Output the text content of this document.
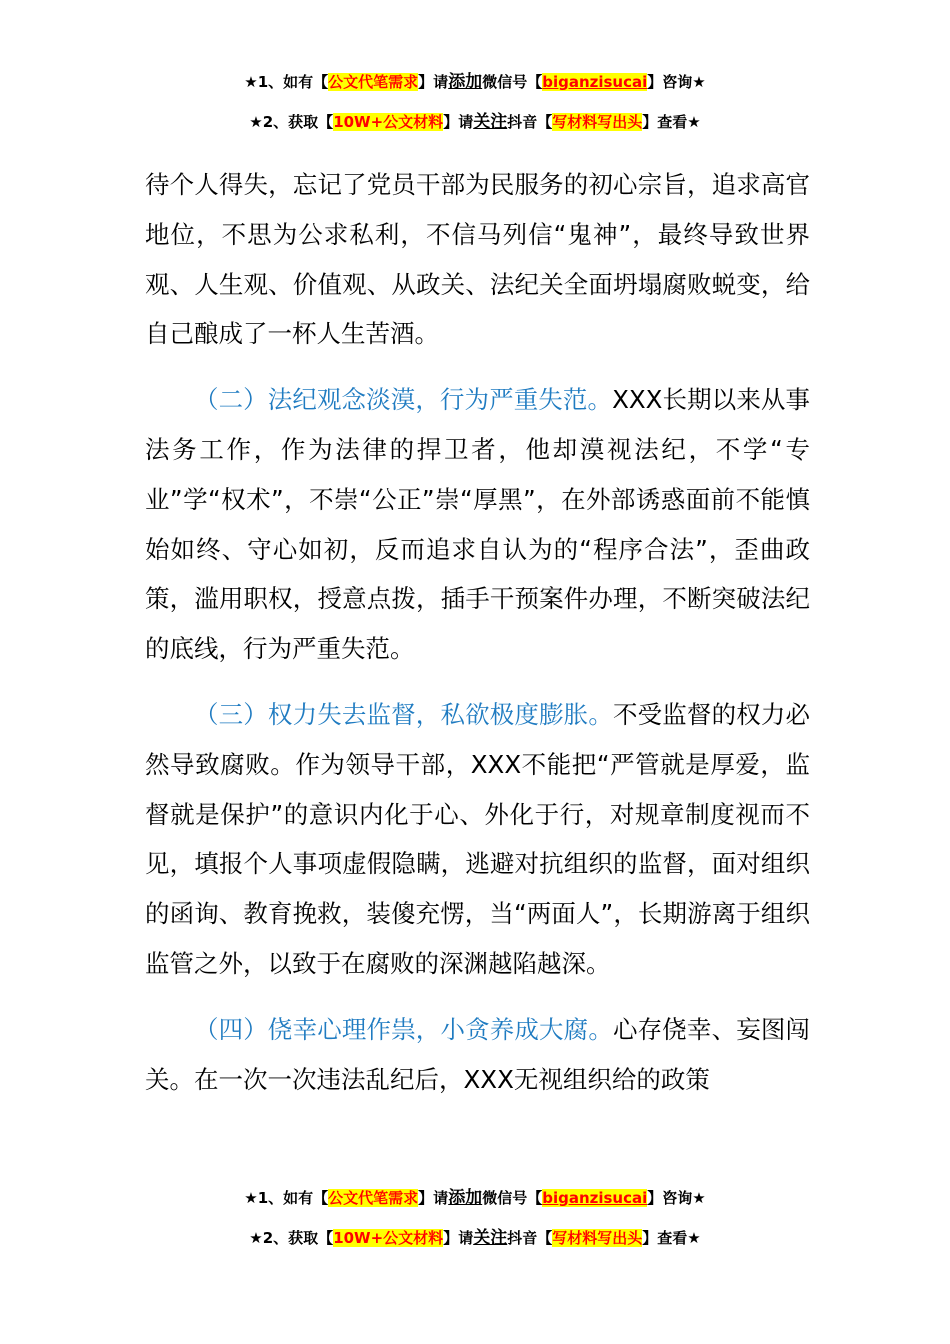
★1、如有【公文代笔需求】请添加微信号【biganzisucai】咨询★
★2、获取【10W+公文材料】请关注抖音【写材料写出头】查看★

待个人得失，忘记了党员干部为民服务的初心宗旨，追求高官地位，不思为公求私利，不信马列信“鬼神”，最终导致世界观、人生观、价值观、从政关、法纪关全面坍塌腐败蜕变，给自己酿成了一杯人生苦酒。

（二）法纪观念淡漠，行为严重失范。XXX长期以来从事法务工作，作为法律的捍卫者，他却漠视法纪，不学“专业”学“权术”，不崇“公正”崇“厚黑”，在外部诱惑面前不能慎始如终、守心如初，反而追求自认为的“程序合法”，歪曲政策，滥用职权，授意点拨，插手干预案件办理，不断突破法纪的底线，行为严重失范。

（三）权力失去监督，私欲极度膨胀。不受监督的权力必然导致腐败。作为领导干部，XXX不能把“严管就是厚爱，监督就是保护”的意识内化于心、外化于行，对规章制度视而不见，填报个人事项虚假隐瞒，逃避对抗组织的监督，面对组织的函询、教育挽救，装傻充愣，当“两面人”，长期游离于组织监管之外，以致于在腐败的深渊越陷越深。

（四）侥幸心理作祟，小贪养成大腐。心存侥幸、妄图闯关。在一次一次违法乱纪后，XXX无视组织给的政策

★1、如有【公文代笔需求】请添加微信号【biganzisucai】咨询★
★2、获取【10W+公文材料】请关注抖音【写材料写出头】查看★
